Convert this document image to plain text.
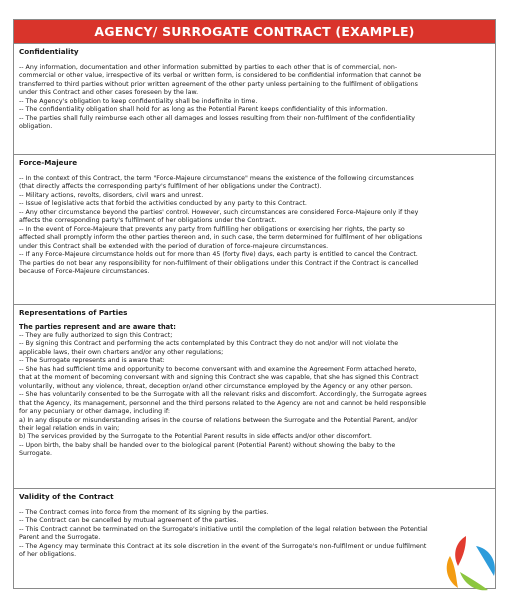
AGENCY/ SURROGATE CONTRACT (EXAMPLE)
Confidentiality
-- Any information, documentation and other information submitted by parties to each other that is of commercial, non-
commercial or other value, irrespective of its verbal or written form, is considered to be confidential information that cannot be
transferred to third parties without prior written agreement of the other party unless pertaining to the fulfilment of obligations
under this Contract and other cases foreseen by the law.
-- The Agency's obligation to keep confidentiality shall be indefinite in time.
-- The confidentiality obligation shall hold for as long as the Potential Parent keeps confidentiality of this information.
-- The parties shall fully reimburse each other all damages and losses resulting from their non-fulfilment of the confidentiality
obligation.
Force-Majeure
-- In the context of this Contract, the term "Force-Majeure circumstance" means the existence of the following circumstances
(that directly affects the corresponding party's fulfilment of her obligations under the Contract).
-- Military actions, revolts, disorders, civil wars and unrest.
-- Issue of legislative acts that forbid the activities conducted by any party to this Contract.
-- Any other circumstance beyond the parties' control. However, such circumstances are considered Force-Majeure only if they
affects the corresponding party's fulfilment of her obligations under the Contract.
-- In the event of Force-Majeure that prevents any party from fulfilling her obligations or exercising her rights, the party so
affected shall promptly inform the other parties thereon and, in such case, the term determined for fulfilment of her obligations
under this Contract shall be extended with the period of duration of force-majeure circumstances.
-- If any Force-Majeure circumstance holds out for more than 45 (forty five) days, each party is entitled to cancel the Contract.
The parties do not bear any responsibility for non-fulfilment of their obligations under this Contract if the Contract is cancelled
because of Force-Majeure circumstances.
Representations of Parties
The parties represent and are aware that:
-- They are fully authorized to sign this Contract;
-- By signing this Contract and performing the acts contemplated by this Contract they do not and/or will not violate the
applicable laws, their own charters and/or any other regulations;
-- The Surrogate represents and is aware that:
-- She has had sufficient time and opportunity to become conversant with and examine the Agreement Form attached hereto,
that at the moment of becoming conversant with and signing this Contract she was capable, that she has signed this Contract
voluntarily, without any violence, threat, deception or/and other circumstance employed by the Agency or any other person.
-- She has voluntarily consented to be the Surrogate with all the relevant risks and discomfort. Accordingly, the Surrogate agrees
that the Agency, its management, personnel and the third persons related to the Agency are not and cannot be held responsible
for any pecuniary or other damage, including if:
a) In any dispute or misunderstanding arises in the course of relations between the Surrogate and the Potential Parent, and/or
their legal relation ends in vain;
b) The services provided by the Surrogate to the Potential Parent results in side effects and/or other discomfort.
-- Upon birth, the baby shall be handed over to the biological parent (Potential Parent) without showing the baby to the
Surrogate.
Validity of the Contract
-- The Contract comes into force from the moment of its signing by the parties.
-- The Contract can be cancelled by mutual agreement of the parties.
-- This Contract cannot be terminated on the Surrogate's initiative until the completion of the legal relation between the Potential
Parent and the Surrogate.
-- The Agency may terminate this Contract at its sole discretion in the event of the Surrogate's non-fulfilment or undue fulfilment
of her obligations.
